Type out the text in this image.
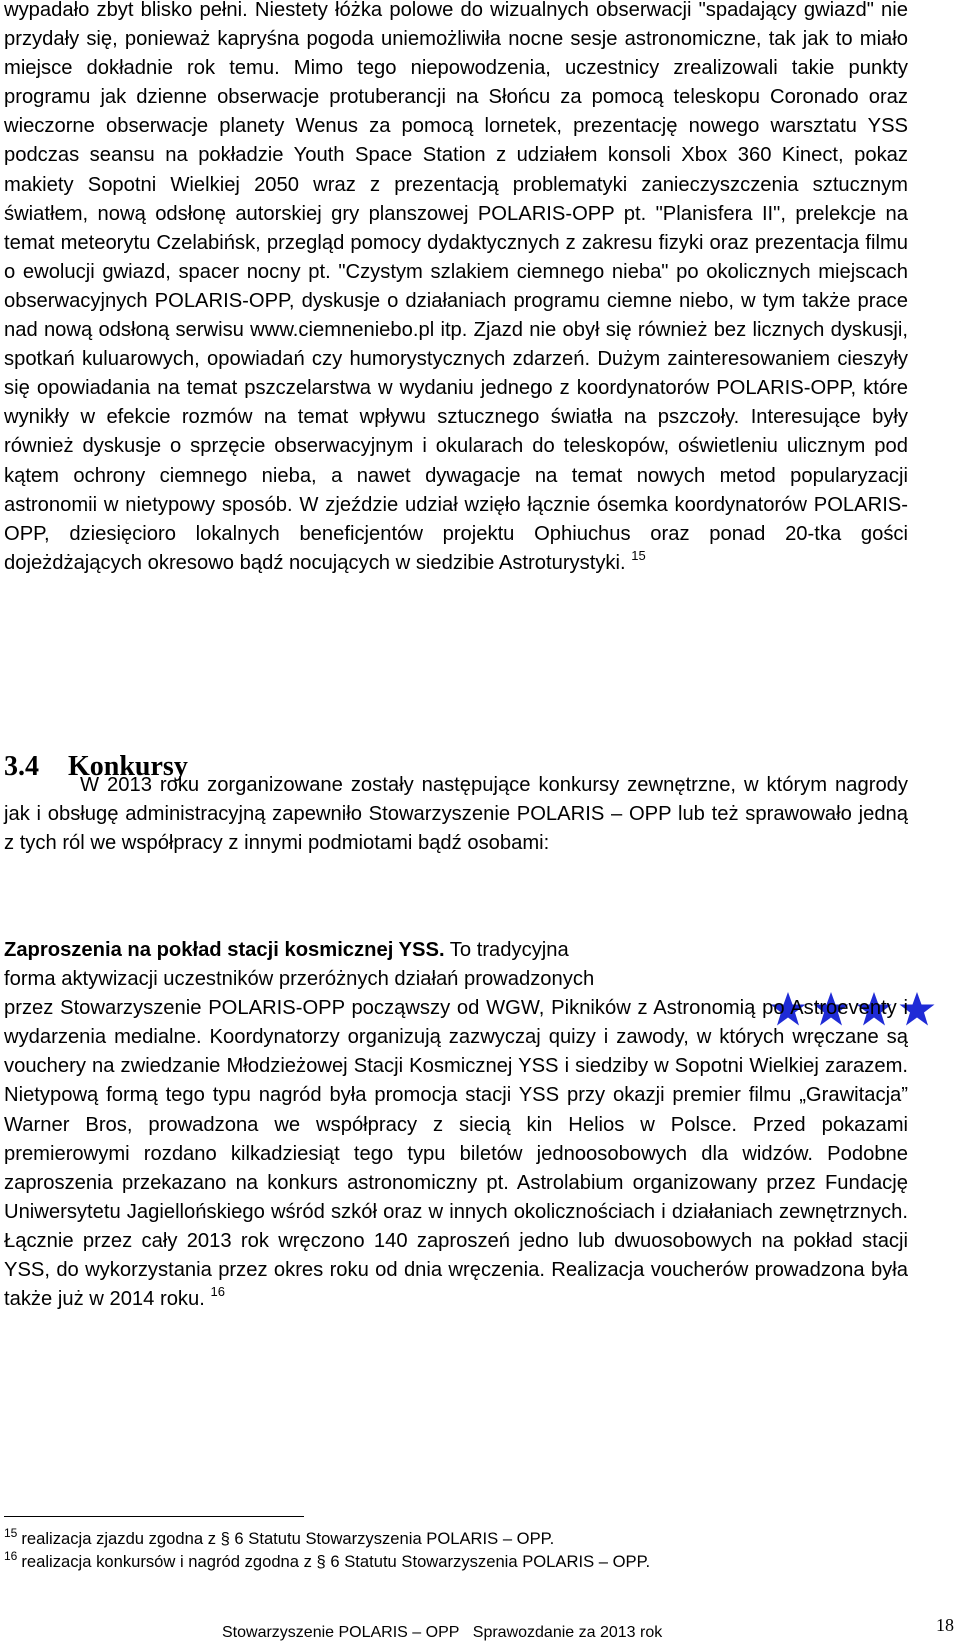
wypadało zbyt blisko pełni. Niestety łóżka polowe do wizualnych obserwacji "spadający gwiazd" nie przydały się, ponieważ kapryśna pogoda uniemożliwiła nocne sesje astronomiczne, tak jak to miało miejsce dokładnie rok temu. Mimo tego niepowodzenia, uczestnicy zrealizowali takie punkty programu jak dzienne obserwacje protuberancji na Słońcu za pomocą teleskopu Coronado oraz wieczorne obserwacje planety Wenus za pomocą lornetek, prezentację nowego warsztatu YSS podczas seansu na pokładzie Youth Space Station z udziałem konsoli Xbox 360 Kinect, pokaz makiety Sopotni Wielkiej 2050 wraz z prezentacją problematyki zanieczyszczenia sztucznym światłem, nową odsłonę autorskiej gry planszowej POLARIS-OPP pt. "Planisfera II", prelekcje na temat meteorytu Czelabińsk, przegląd pomocy dydaktycznych z zakresu fizyki oraz prezentacja filmu o ewolucji gwiazd, spacer nocny pt. "Czystym szlakiem ciemnego nieba" po okolicznych miejscach obserwacyjnych POLARIS-OPP, dyskusje o działaniach programu ciemne niebo, w tym także prace nad nową odsłoną serwisu www.ciemneniebo.pl itp. Zjazd nie obył się również bez licznych dyskusji, spotkań kuluarowych, opowiadań czy humorystycznych zdarzeń. Dużym zainteresowaniem cieszyły się opowiadania na temat pszczelarstwa w wydaniu jednego z koordynatorów POLARIS-OPP, które wynikły w efekcie rozmów na temat wpływu sztucznego światła na pszczoły. Interesujące były również dyskusje o sprzęcie obserwacyjnym i okularach do teleskopów, oświetleniu ulicznym pod kątem ochrony ciemnego nieba, a nawet dywagacje na temat nowych metod popularyzacji astronomii w nietypowy sposób. W zjeździe udział wzięło łącznie ósemka koordynatorów POLARIS-OPP, dziesięcioro lokalnych beneficjentów projektu Ophiuchus oraz ponad 20-tka gości dojeżdżających okresowo bądź nocujących w siedzibie Astroturystyki. $^{15}$

3.4 Konkursy

W 2013 roku zorganizowane zostały następujące konkursy zewnętrzne, w którym nagrody jak i obsługę administracyjną zapewniło Stowarzyszenie POLARIS – OPP lub też sprawowało jedną z tych ról we współpracy z innymi podmiotami bądź osobami:

Zaproszenia na pokład stacji kosmicznej YSS. To tradycyjna
forma aktywizacji uczestników przeróżnych działań prowadzonych
przez Stowarzyszenie POLARIS-OPP począwszy od WGW, Pikników z Astronomią po Astroeventy i wydarzenia medialne. Koordynatorzy organizują zazwyczaj quizy i zawody, w których wręczane są vouchery na zwiedzanie Młodzieżowej Stacji Kosmicznej YSS i siedziby w Sopotni Wielkiej zarazem. Nietypową formą tego typu nagród była promocja stacji YSS przy okazji premier filmu „Grawitacja” Warner Bros, prowadzona we współpracy z siecią kin Helios w Polsce. Przed pokazami premierowymi rozdano kilkadziesiąt tego typu biletów jednoosobowych dla widzów. Podobne zaproszenia przekazano na konkurs astronomiczny pt. Astrolabium organizowany przez Fundację Uniwersytetu Jagiellońskiego wśród szkół oraz w innych okolicznościach i działaniach zewnętrznych. Łącznie przez cały 2013 rok wręczono 140 zaproszeń jedno lub dwuosobowych na pokład stacji YSS, do wykorzystania przez okres roku od dnia wręczenia. Realizacja voucherów prowadzona była także już w 2014 roku. $^{16}$

$^{15}$ realizacja zjazdu zgodna z § 6 Statutu Stowarzyszenia POLARIS – OPP.

$^{16}$ realizacja konkursów i nagród zgodna z § 6 Statutu Stowarzyszenia POLARIS – OPP.

Stowarzyszenie POLARIS – OPP Sprawozdanie za 2013 rok	18
